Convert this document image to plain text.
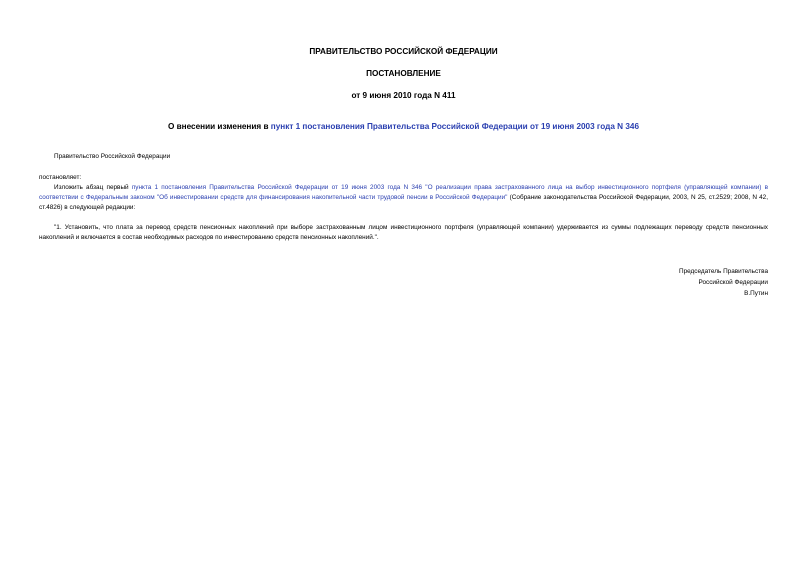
ПРАВИТЕЛЬСТВО РОССИЙСКОЙ ФЕДЕРАЦИИ
ПОСТАНОВЛЕНИЕ
от 9 июня 2010 года N 411
О внесении изменения в пункт 1 постановления Правительства Российской Федерации от 19 июня 2003 года N 346
Правительство Российской Федерации
постановляет:
Изложить абзац первый пункта 1 постановления Правительства Российской Федерации от 19 июня 2003 года N 346 "О реализации права застрахованного лица на выбор инвестиционного портфеля (управляющей компании) в соответствии с Федеральным законом "Об инвестировании средств для финансирования накопительной части трудовой пенсии в Российской Федерации" (Собрание законодательства Российской Федерации, 2003, N 25, ст.2529; 2008, N 42, ст.4826) в следующей редакции:
"1. Установить, что плата за перевод средств пенсионных накоплений при выборе застрахованным лицом инвестиционного портфеля (управляющей компании) удерживается из суммы подлежащих переводу средств пенсионных накоплений и включается в состав необходимых расходов по инвестированию средств пенсионных накоплений.".
Председатель Правительства
Российской Федерации
В.Путин
